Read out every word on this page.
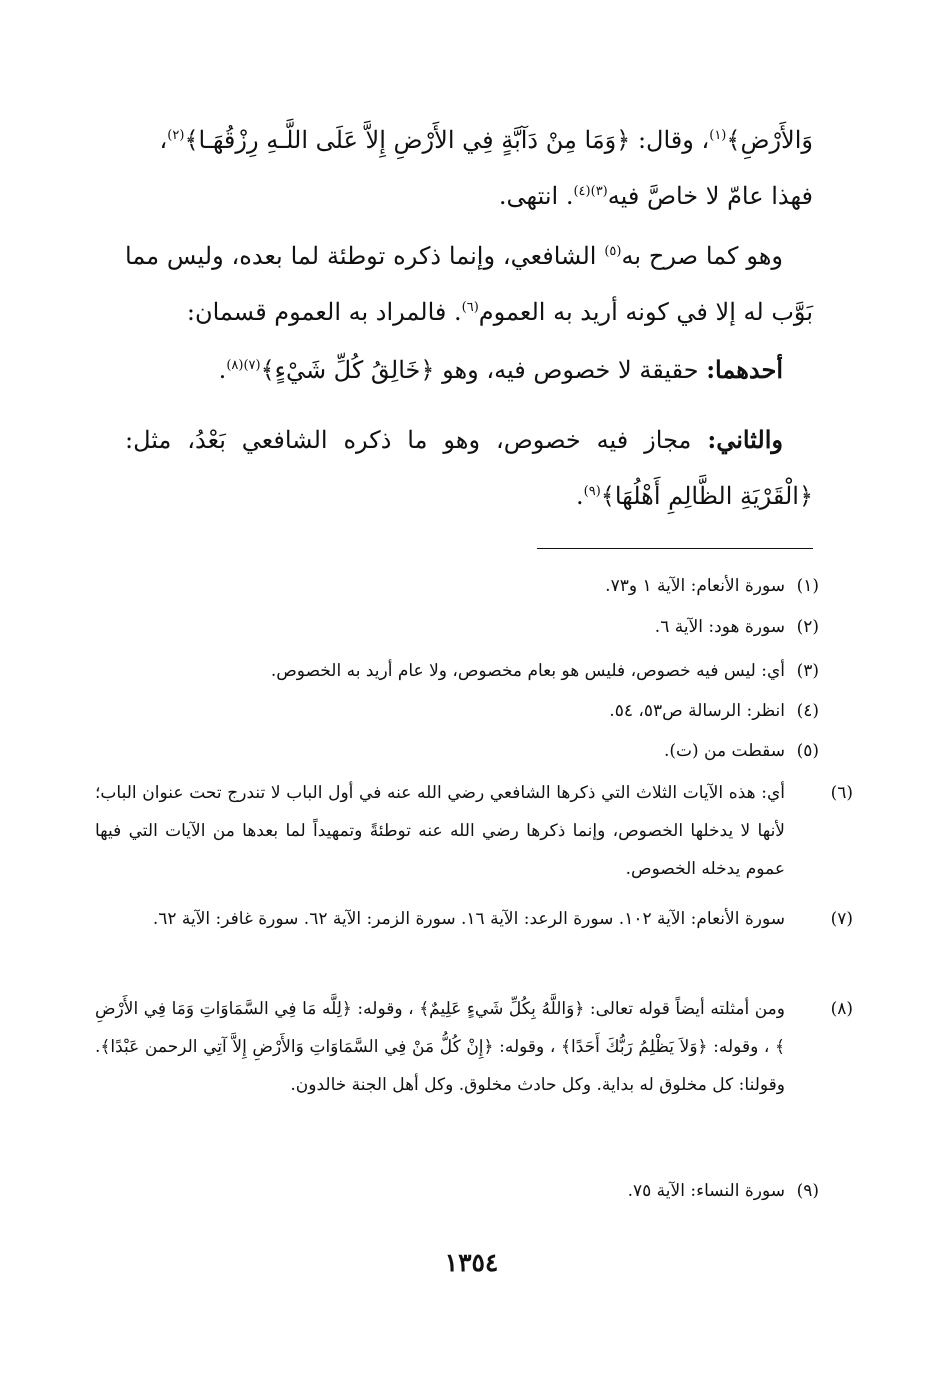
وَالأَرْضِ﴾$^{(١)}$، وقال: ﴿وَمَا مِنْ دَآبَّةٍ فِي الأَرْضِ إِلاَّ عَلَى اللَّـهِ رِزْقُهَـا﴾$^{(٢)}$،
فهذا عامّ لا خاصَّ فيه$^{(٣)(٤)}$. انتهى.
وهو كما صرح به$^{(٥)}$ الشافعي، وإنما ذكره توطئة لما بعده، وليس مما بَوَّب له إلا في كونه أريد به العموم$^{(٦)}$. فالمراد به العموم قسمان:
أحدهما: حقيقة لا خصوص فيه، وهو ﴿خَالِقُ كُلِّ شَيْءٍ﴾$^{(٧)(٨)}$.
والثاني: مجاز فيه خصوص، وهو ما ذكره الشافعي بَعْدُ، مثل: ﴿الْقَرْيَةِ الظَّالِمِ أَهْلُهَا﴾$^{(٩)}$.
(١)سورة الأنعام: الآية ١ و٧٣.
(٢)سورة هود: الآية ٦.
(٣)أي: ليس فيه خصوص، فليس هو بعام مخصوص، ولا عام أريد به الخصوص.
(٤)انظر: الرسالة ص٥٣، ٥٤.
(٥)سقطت من (ت).
(٦)أي: هذه الآيات الثلاث التي ذكرها الشافعي رضي الله عنه في أول الباب لا تندرج تحت عنوان الباب؛ لأنها لا يدخلها الخصوص، وإنما ذكرها رضي الله عنه توطئةً وتمهيداً لما بعدها من الآيات التي فيها عموم يدخله الخصوص.
(٧)سورة الأنعام: الآية ١٠٢. سورة الرعد: الآية ١٦. سورة الزمر: الآية ٦٢. سورة غافر: الآية ٦٢.
(٨)ومن أمثلته أيضاً قوله تعالى: ﴿وَاللَّهُ بِكُلِّ شَيءٍ عَلِيمٌ﴾ ، وقوله: ﴿لِلَّه مَا فِي السَّمَاوَاتِ وَمَا فِي الأَرْضِ ﴾ ، وقوله: ﴿وَلاَ يَظْلِمُ رَبُّكَ أَحَدًا﴾ ، وقوله: ﴿إِنْ كُلُّ مَنْ فِي السَّمَاوَاتِ وَالأَرْضِ إِلاَّ آتِي الرحمن عَبْدًا﴾. وقولنا: كل مخلوق له بداية. وكل حادث مخلوق. وكل أهل الجنة خالدون.
(٩)سورة النساء: الآية ٧٥.
١٣٥٤
